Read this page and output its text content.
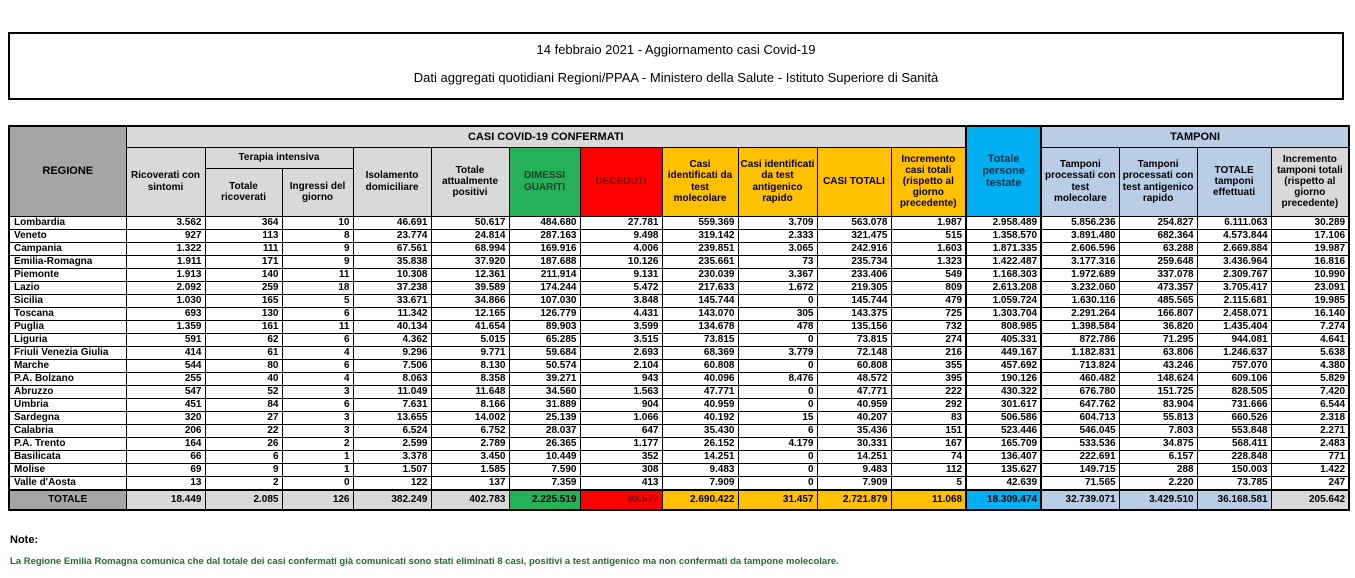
14 febbraio 2021 - Aggiornamento casi Covid-19
Dati aggregati quotidiani Regioni/PPAA - Ministero della Salute - Istituto Superiore di Sanità
REGIONE	CASI COVID-19 CONFERMATI											Totale persone testate	TAMPONI			
	Ricoverati con sintomi	Terapia intensiva		Isolamento domiciliare	Totale attualmente positivi	DIMESSI GUARITI	DECEDUTI	Casi identificati da test molecolare	Casi identificati da test antigenico rapido	CASI TOTALI	Incremento casi totali (rispetto al giorno precedente)		Tamponi processati con test molecolare	Tamponi processati con test antigenico rapido	TOTALE tamponi effettuati	Incremento tamponi totali (rispetto al giorno precedente)
		Totale ricoverati	Ingressi del giorno													
Lombardia	3.562	364	10	46.691	50.617	484.680	27.781	559.369	3.709	563.078	1.987	2.958.489	5.856.236	254.827	6.111.063	30.289
Veneto	927	113	8	23.774	24.814	287.163	9.498	319.142	2.333	321.475	515	1.358.570	3.891.480	682.364	4.573.844	17.106
Campania	1.322	111	9	67.561	68.994	169.916	4.006	239.851	3.065	242.916	1.603	1.871.335	2.606.596	63.288	2.669.884	19.987
Emilia-Romagna	1.911	171	9	35.838	37.920	187.688	10.126	235.661	73	235.734	1.323	1.422.487	3.177.316	259.648	3.436.964	16.816
Piemonte	1.913	140	11	10.308	12.361	211.914	9.131	230.039	3.367	233.406	549	1.168.303	1.972.689	337.078	2.309.767	10.990
Lazio	2.092	259	18	37.238	39.589	174.244	5.472	217.633	1.672	219.305	809	2.613.208	3.232.060	473.357	3.705.417	23.091
Sicilia	1.030	165	5	33.671	34.866	107.030	3.848	145.744	0	145.744	479	1.059.724	1.630.116	485.565	2.115.681	19.985
Toscana	693	130	6	11.342	12.165	126.779	4.431	143.070	305	143.375	725	1.303.704	2.291.264	166.807	2.458.071	16.140
Puglia	1.359	161	11	40.134	41.654	89.903	3.599	134.678	478	135.156	732	808.985	1.398.584	36.820	1.435.404	7.274
Liguria	591	62	6	4.362	5.015	65.285	3.515	73.815	0	73.815	274	405.331	872.786	71.295	944.081	4.641
Friuli Venezia Giulia	414	61	4	9.296	9.771	59.684	2.693	68.369	3.779	72.148	216	449.167	1.182.831	63.806	1.246.637	5.638
Marche	544	80	6	7.506	8.130	50.574	2.104	60.808	0	60.808	355	457.692	713.824	43.246	757.070	4.380
P.A. Bolzano	255	40	4	8.063	8.358	39.271	943	40.096	8.476	48.572	395	190.126	460.482	148.624	609.106	5.829
Abruzzo	547	52	3	11.049	11.648	34.560	1.563	47.771	0	47.771	222	430.322	676.780	151.725	828.505	7.420
Umbria	451	84	6	7.631	8.166	31.889	904	40.959	0	40.959	292	301.617	647.762	83.904	731.666	6.544
Sardegna	320	27	3	13.655	14.002	25.139	1.066	40.192	15	40.207	83	506.586	604.713	55.813	660.526	2.318
Calabria	206	22	3	6.524	6.752	28.037	647	35.430	6	35.436	151	523.446	546.045	7.803	553.848	2.271
P.A. Trento	164	26	2	2.599	2.789	26.365	1.177	26.152	4.179	30.331	167	165.709	533.536	34.875	568.411	2.483
Basilicata	66	6	1	3.378	3.450	10.449	352	14.251	0	14.251	74	136.407	222.691	6.157	228.848	771
Molise	69	9	1	1.507	1.585	7.590	308	9.483	0	9.483	112	135.627	149.715	288	150.003	1.422
Valle d'Aosta	13	2	0	122	137	7.359	413	7.909	0	7.909	5	42.639	71.565	2.220	73.785	247
TOTALE	18.449	2.085	126	382.249	402.783	2.225.519	93.577	2.690.422	31.457	2.721.879	11.068	18.309.474	32.739.071	3.429.510	36.168.581	205.642
Note:
La Regione Emilia Romagna comunica che dal totale dei casi confermati già comunicati sono stati eliminati 8 casi, positivi a test antigenico ma non confermati da tampone molecolare.
